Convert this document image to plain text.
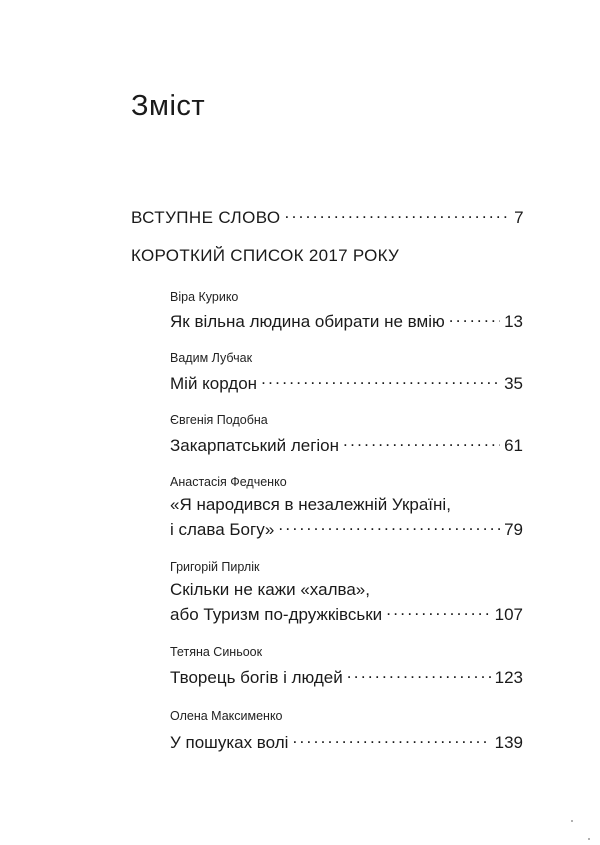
Зміст
ВСТУПНЕ СЛОВО . . .	7
КОРОТКИЙ СПИСОК 2017 РОКУ
Віра Курико
Як вільна людина обирати не вмію . . .	13
Вадим Лубчак
Мій кордон . . .	35
Євгенія Подобна
Закарпатський легіон . . .	61
Анастасія Федченко
«Я народився в незалежній Україні,
і слава Богу» . . .	79
Григорій Пирлік
Скільки не кажи «халва»,
або Туризм по-дружківськи . . .	107
Тетяна Синьоок
Творець богів і людей . . .	123
Олена Максименко
У пошуках волі . . .	139
